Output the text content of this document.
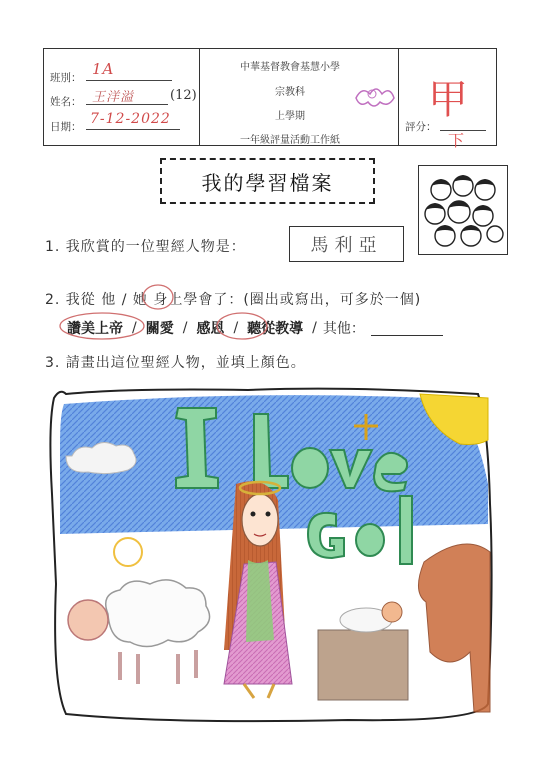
班別： 1A
姓名： 王洋溢	(12)
日期： 7-12-2022
中華基督教會基慧小學
宗教科
上學期
一年級評量活動工作紙
評分：
甲
下
我的學習檔案
1. 我欣賞的一位聖經人物是：	馬利亞
2. 我從 他 / 她 身上學會了：(圈出或寫出，可多於一個)
讚美上帝 / 關愛 / 感恩 / 聽從教導 / 其他：
3. 請畫出這位聖經人物，並填上顏色。
